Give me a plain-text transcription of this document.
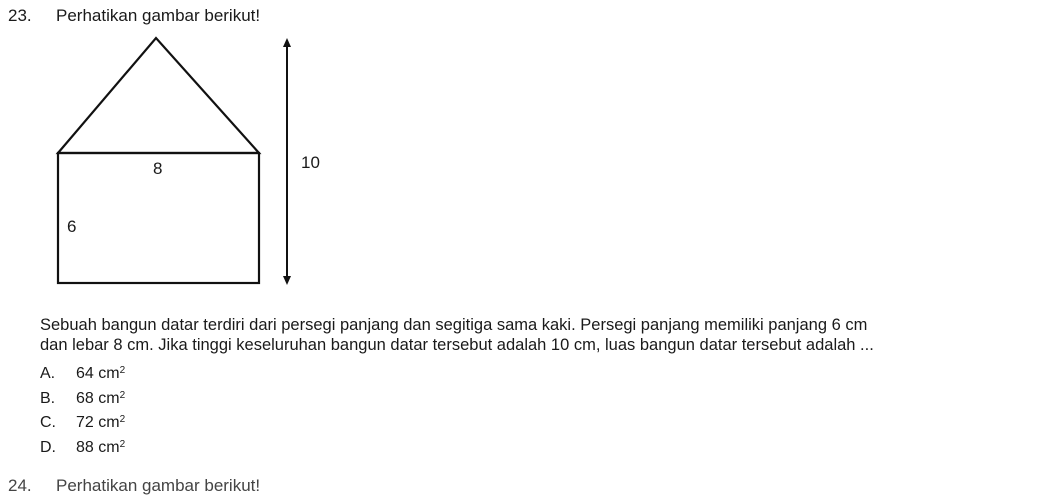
23. Perhatikan gambar berikut!
8
6
10

Sebuah bangun datar terdiri dari persegi panjang dan segitiga sama kaki. Persegi panjang memiliki panjang 6 cm

dan lebar 8 cm. Jika tinggi keseluruhan bangun datar tersebut adalah 10 cm, luas bangun datar tersebut adalah ...

A. 64 $cm^2$
B. 68 $cm^2$
C. 72 $cm^2$
D. 88 $cm^2$
24. Perhatikan gambar berikut!
